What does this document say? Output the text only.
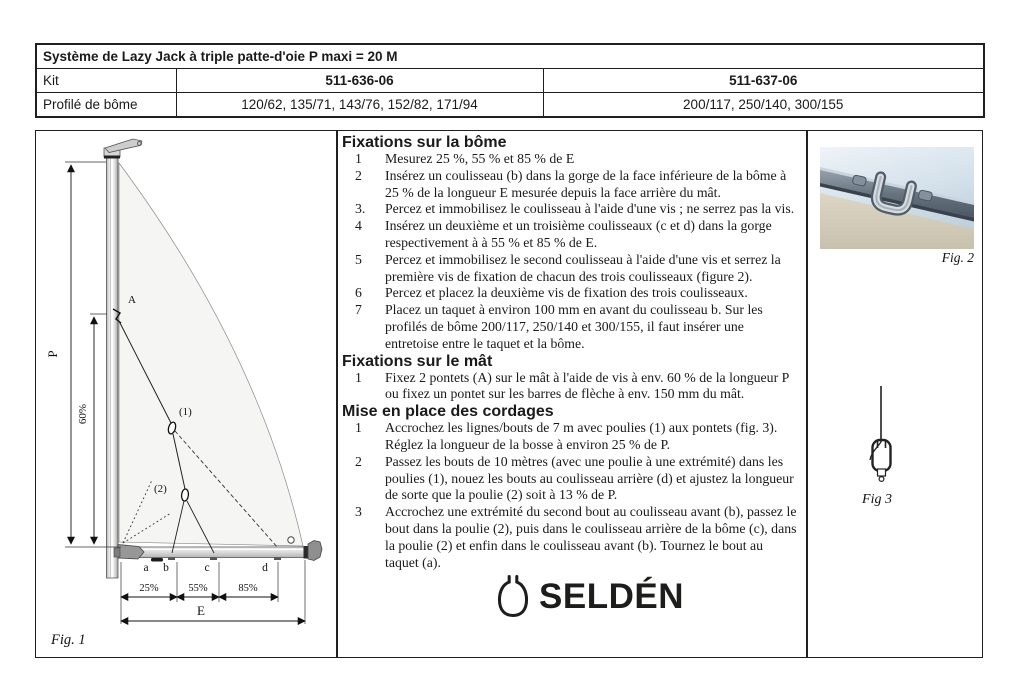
Système de Lazy Jack à triple patte-d'oie P maxi = 20 M		
Kit	511-636-06	511-637-06
Profilé de bôme	120/62, 135/71, 143/76, 152/82, 171/94	200/117, 250/140, 300/155
P
60%
A
(1)
(2)
a b	c	d
25%	55%	85%
E
Fig. 1
Fixations sur la bôme
1	Mesurez 25 %, 55 % et 85 % de E
2	Insérez un coulisseau (b) dans la gorge de la face inférieure de la bôme à 25 % de la longueur E mesurée depuis la face arrière du mât.
3.	Percez et immobilisez le coulisseau à l'aide d'une vis ; ne serrez pas la vis.
4	Insérez un deuxième et un troisième coulisseaux (c et d) dans la gorge respectivement à à 55 % et 85 % de E.
5	Percez et immobilisez le second coulisseau à l'aide d'une vis et serrez la première vis de fixation de chacun des trois coulisseaux (figure 2).
6	Percez et placez la deuxième vis de fixation des trois coulisseaux.
7	Placez un taquet à environ 100 mm en avant du coulisseau b. Sur les profilés de bôme 200/117, 250/140 et 300/155, il faut insérer une entretoise entre le taquet et la bôme.
Fixations sur le mât
1	Fixez 2 pontets (A) sur le mât à l'aide de vis à env. 60 % de la longueur P ou fixez un pontet sur les barres de flèche à env. 150 mm du mât.
Mise en place des cordages
1	Accrochez les lignes/bouts de 7 m avec poulies (1) aux pontets (fig. 3). Réglez la longueur de la bosse à environ 25 % de P.
2	Passez les bouts de 10 mètres (avec une poulie à une extrémité) dans les poulies (1), nouez les bouts au coulisseau arrière (d) et ajustez la longueur de sorte que la poulie (2) soit à 13 % de P.
3	Accrochez une extrémité du second bout au coulisseau avant (b), passez le bout dans la poulie (2), puis dans le coulisseau arrière de la bôme (c), dans la poulie (2) et enfin dans le coulisseau avant (b). Tournez le bout au taquet (a).
SELDÉN
Fig. 2
Fig 3
